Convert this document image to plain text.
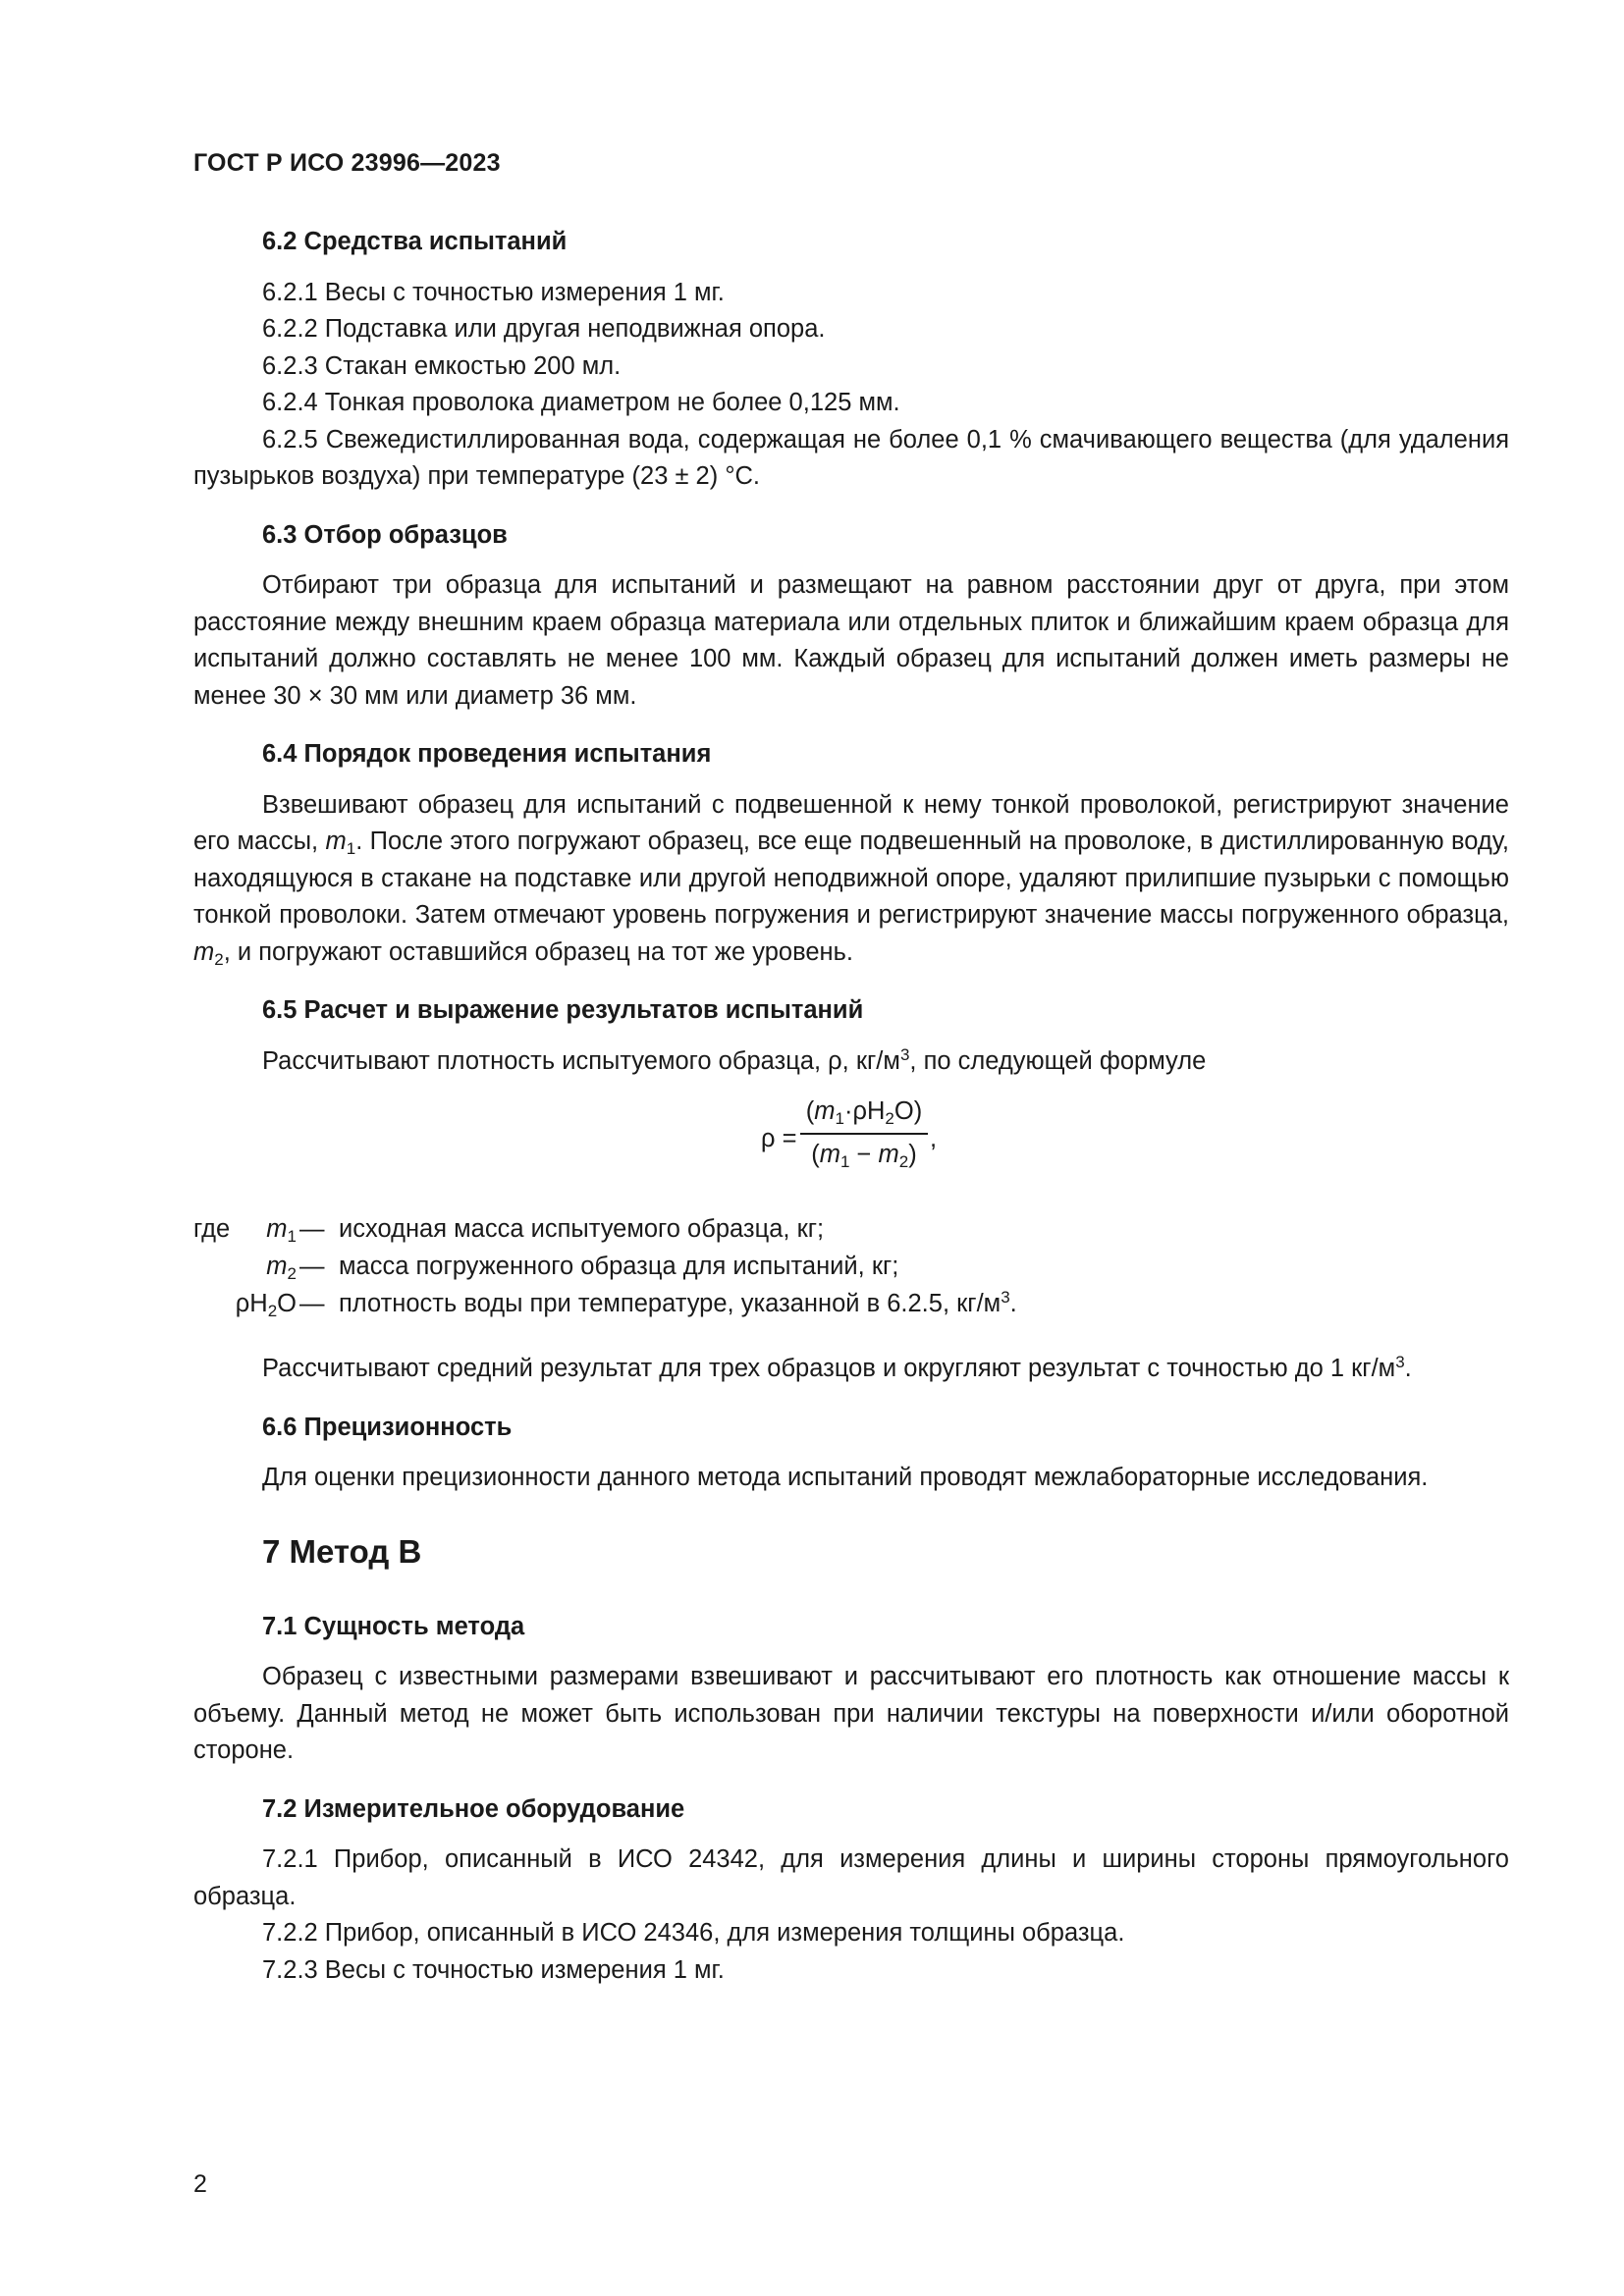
ГОСТ Р ИСО 23996—2023
6.2 Средства испытаний

6.2.1 Весы с точностью измерения 1 мг.

6.2.2 Подставка или другая неподвижная опора.

6.2.3 Стакан емкостью 200 мл.

6.2.4 Тонкая проволока диаметром не более 0,125 мм.

6.2.5 Свежедистиллированная вода, содержащая не более 0,1 % смачивающего вещества (для удаления пузырьков воздуха) при температуре (23 ± 2) °С.

6.3 Отбор образцов

Отбирают три образца для испытаний и размещают на равном расстоянии друг от друга, при этом расстояние между внешним краем образца материала или отдельных плиток и ближайшим краем образца для испытаний должно составлять не менее 100 мм. Каждый образец для испытаний должен иметь размеры не менее 30 × 30 мм или диаметр 36 мм.

6.4 Порядок проведения испытания

Взвешивают образец для испытаний с подвешенной к нему тонкой проволокой, регистрируют значение его массы, $m_1$. После этого погружают образец, все еще подвешенный на проволоке, в дистиллированную воду, находящуюся в стакане на подставке или другой неподвижной опоре, удаляют прилипшие пузырьки с помощью тонкой проволоки. Затем отмечают уровень погружения и регистрируют значение массы погруженного образца, $m_2$, и погружают оставшийся образец на тот же уровень.

6.5 Расчет и выражение результатов испытаний

Рассчитывают плотность испытуемого образца, ρ, $кг/м^3$, по следующей формуле

ρ =
$(m_1\cdot\rho H_2O)$
$(m_1 - m_2)$
,
где	$m_1$ — исходная масса испытуемого образца, кг;
$m_2$ — масса погруженного образца для испытаний, кг;
$\rho H_2O$ — плотность воды при температуре, указанной в 6.2.5, $кг/м^3$.

Рассчитывают средний результат для трех образцов и округляют результат с точностью до 1 $кг/м^3$.

6.6 Прецизионность

Для оценки прецизионности данного метода испытаний проводят межлабораторные исследования.

7 Метод В
7.1 Сущность метода

Образец с известными размерами взвешивают и рассчитывают его плотность как отношение массы к объему. Данный метод не может быть использован при наличии текстуры на поверхности и/или оборотной стороне.

7.2 Измерительное оборудование

7.2.1 Прибор, описанный в ИСО 24342, для измерения длины и ширины стороны прямоугольного образца.

7.2.2 Прибор, описанный в ИСО 24346, для измерения толщины образца.

7.2.3 Весы с точностью измерения 1 мг.

2
